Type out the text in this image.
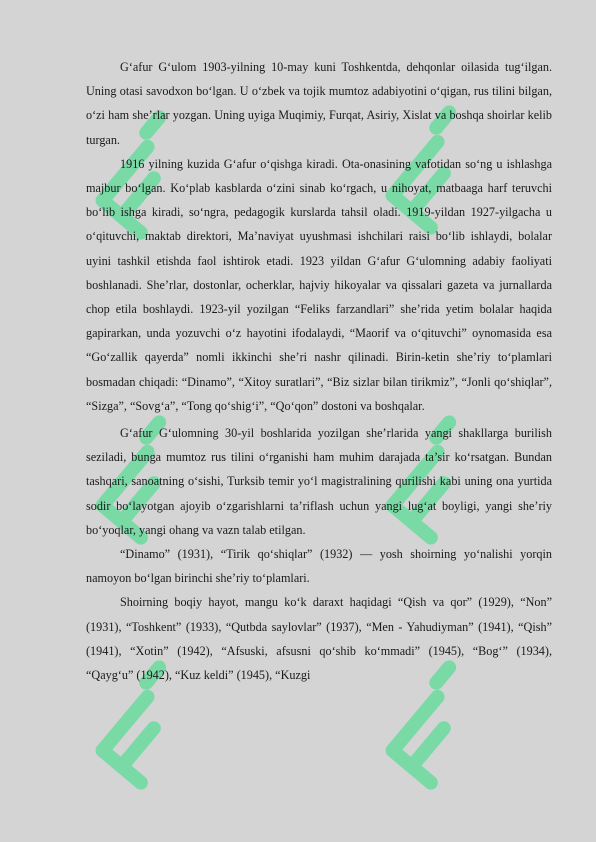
G‘afur G‘ulom 1903-yilning 10-may kuni Toshkentda, dehqonlar oilasida tug‘ilgan. Uning otasi savodxon bo‘lgan. U o‘zbek va tojik mumtoz adabiyotini o‘qigan, rus tilini bilgan, o‘zi ham she’rlar yozgan. Uning uyiga Muqimiy, Furqat, Asiriy, Xislat va boshqa shoirlar kelib turgan.

1916 yilning kuzida G‘afur o‘qishga kiradi. Ota-onasining vafotidan so‘ng u ishlashga majbur bo‘lgan. Ko‘plab kasblarda o‘zini sinab ko‘rgach, u nihoyat, matbaaga harf teruvchi bo‘lib ishga kiradi, so‘ngra, pedagogik kurslarda tahsil oladi. 1919-yildan 1927-yilgacha u o‘qituvchi, maktab direktori, Ma’naviyat uyushmasi ishchilari raisi bo‘lib ishlaydi, bolalar uyini tashkil etishda faol ishtirok etadi. 1923 yildan G‘afur G‘ulomning adabiy faoliyati boshlanadi. She’rlar, dostonlar, ocherklar, hajviy hikoyalar va qissalari gazeta va jurnallarda chop etila boshlaydi. 1923-yil yozilgan “Feliks farzandlari” she’rida yetim bolalar haqida gapirarkan, unda yozuvchi o‘z hayotini ifodalaydi, “Maorif va o‘qituvchi” oynomasida esa “Go‘zallik qayerda” nomli ikkinchi she’ri nashr qilinadi. Birin-ketin she’riy to‘plamlari bosmadan chiqadi: “Dinamo”, “Xitoy suratlari”, “Biz sizlar bilan tirikmiz”, “Jonli qo‘shiqlar”, “Sizga”, “Sovg‘a”, “Tong qo‘shig‘i”, “Qo‘qon” dostoni va boshqalar.

G‘afur G‘ulomning 30-yil boshlarida yozilgan she’rlarida yangi shakllarga burilish seziladi, bunga mumtoz rus tilini o‘rganishi ham muhim darajada ta’sir ko‘rsatgan. Bundan tashqari, sanoatning o‘sishi, Turksib temir yo‘l magistralining qurilishi kabi uning ona yurtida sodir bo‘layotgan ajoyib o‘zgarishlarni ta’riflash uchun yangi lug‘at boyligi, yangi she’riy bo‘yoqlar, yangi ohang va vazn talab etilgan.

“Dinamo” (1931), “Tirik qo‘shiqlar” (1932) — yosh shoirning yo‘nalishi yorqin namoyon bo‘lgan birinchi she’riy to‘plamlari.

Shoirning boqiy hayot, mangu ko‘k daraxt haqidagi “Qish va qor” (1929), “Non” (1931), “Toshkent” (1933), “Qutbda saylovlar” (1937), “Men - Yahudiyman” (1941), “Qish” (1941), “Xotin” (1942), “Afsuski, afsusni qo‘shib ko‘mmadi” (1945), “Bog‘” (1934), “Qayg‘u” (1942), “Kuz keldi” (1945), “Kuzgi
